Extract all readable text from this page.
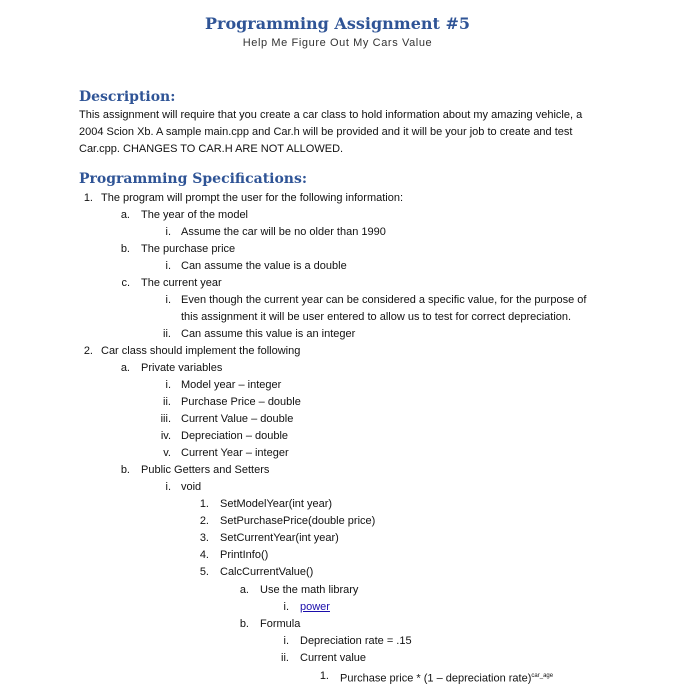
Programming Assignment #5
Help Me Figure Out My Cars Value
Description:
This assignment will require that you create a car class to hold information about my amazing vehicle, a
2004 Scion Xb. A sample main.cpp and Car.h will be provided and it will be your job to create and test
Car.cpp. CHANGES TO CAR.H ARE NOT ALLOWED.
Programming Specifications:
1. The program will prompt the user for the following information:
a. The year of the model
i. Assume the car will be no older than 1990
b. The purchase price
i. Can assume the value is a double
c. The current year
i. Even though the current year can be considered a specific value, for the purpose of
this assignment it will be user entered to allow us to test for correct depreciation.
ii. Can assume this value is an integer
2. Car class should implement the following
a. Private variables
i. Model year – integer
ii. Purchase Price – double
iii. Current Value – double
iv. Depreciation – double
v. Current Year – integer
b. Public Getters and Setters
i. void
1. SetModelYear(int year)
2. SetPurchasePrice(double price)
3. SetCurrentYear(int year)
4. PrintInfo()
5. CalcCurrentValue()
a. Use the math library
i. power
b. Formula
i. Depreciation rate = .15
ii. Current value
1. Purchase price * (1 – depreciation rate)$^{car\_age}$
